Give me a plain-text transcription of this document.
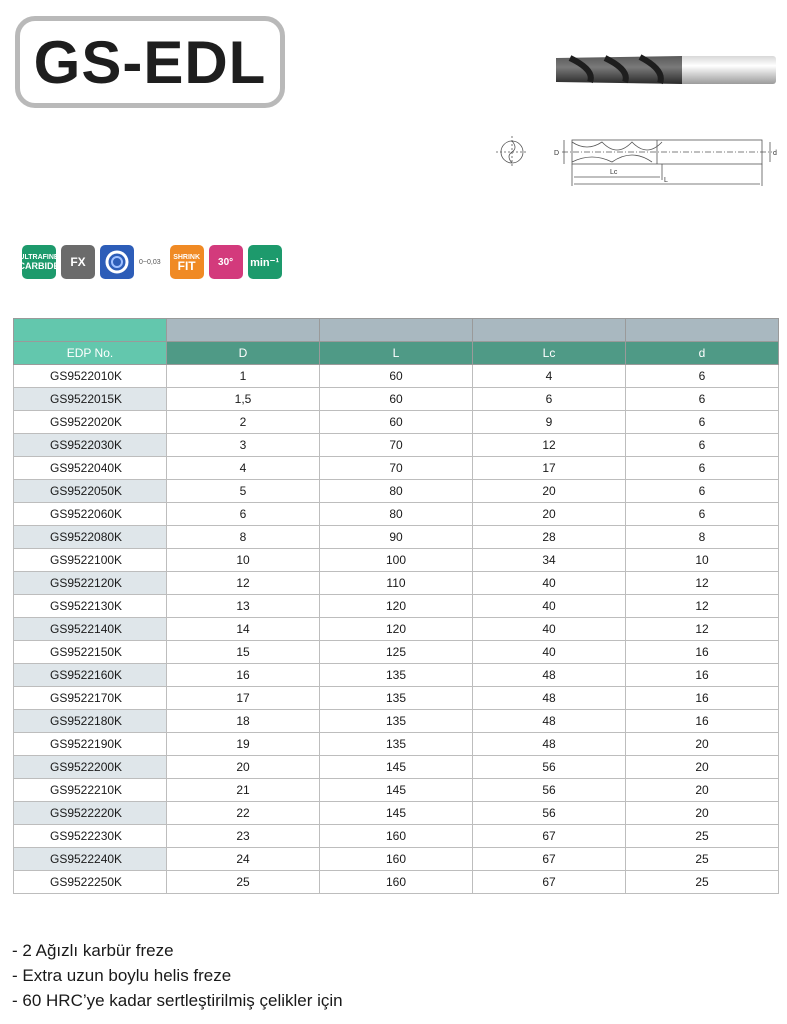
GS-EDL
D	d
Lc
L
ULTRAFINE
CARBIDE FX	0~0,03
SHRINK
FIT 30° min⁻¹

EDP No.	D	L	Lc	d
GS9522010K	1	60	4	6
GS9522015K	1,5	60	6	6
GS9522020K	2	60	9	6
GS9522030K	3	70	12	6
GS9522040K	4	70	17	6
GS9522050K	5	80	20	6
GS9522060K	6	80	20	6
GS9522080K	8	90	28	8
GS9522100K	10	100	34	10
GS9522120K	12	110	40	12
GS9522130K	13	120	40	12
GS9522140K	14	120	40	12
GS9522150K	15	125	40	16
GS9522160K	16	135	48	16
GS9522170K	17	135	48	16
GS9522180K	18	135	48	16
GS9522190K	19	135	48	20
GS9522200K	20	145	56	20
GS9522210K	21	145	56	20
GS9522220K	22	145	56	20
GS9522230K	23	160	67	25
GS9522240K	24	160	67	25
GS9522250K	25	160	67	25
- 2 Ağızlı karbür freze
- Extra uzun boylu helis freze
- 60 HRC’ye kadar sertleştirilmiş çelikler için
